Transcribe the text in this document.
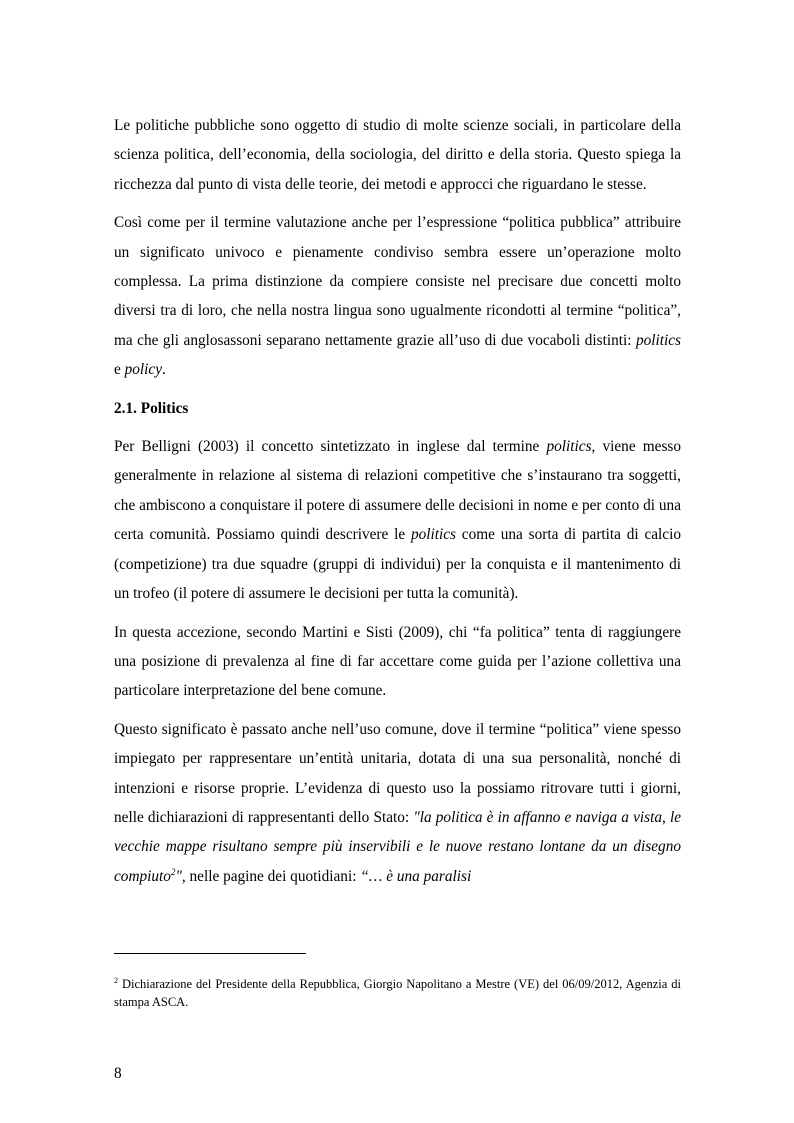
Le politiche pubbliche sono oggetto di studio di molte scienze sociali, in particolare della scienza politica, dell’economia, della sociologia, del diritto e della storia. Questo spiega la ricchezza dal punto di vista delle teorie, dei metodi e approcci che riguardano le stesse.

Così come per il termine valutazione anche per l’espressione “politica pubblica” attribuire un significato univoco e pienamente condiviso sembra essere un’operazione molto complessa. La prima distinzione da compiere consiste nel precisare due concetti molto diversi tra di loro, che nella nostra lingua sono ugualmente ricondotti al termine “politica”, ma che gli anglosassoni separano nettamente grazie all’uso di due vocaboli distinti: politics e policy.

2.1. Politics

Per Belligni (2003) il concetto sintetizzato in inglese dal termine politics, viene messo generalmente in relazione al sistema di relazioni competitive che s’instaurano tra soggetti, che ambiscono a conquistare il potere di assumere delle decisioni in nome e per conto di una certa comunità. Possiamo quindi descrivere le politics come una sorta di partita di calcio (competizione) tra due squadre (gruppi di individui) per la conquista e il mantenimento di un trofeo (il potere di assumere le decisioni per tutta la comunità).

In questa accezione, secondo Martini e Sisti (2009), chi “fa politica” tenta di raggiungere una posizione di prevalenza al fine di far accettare come guida per l’azione collettiva una particolare interpretazione del bene comune.

Questo significato è passato anche nell’uso comune, dove il termine “politica” viene spesso impiegato per rappresentare un’entità unitaria, dotata di una sua personalità, nonché di intenzioni e risorse proprie. L’evidenza di questo uso la possiamo ritrovare tutti i giorni, nelle dichiarazioni di rappresentanti dello Stato: "la politica è in affanno e naviga a vista, le vecchie mappe risultano sempre più inservibili e le nuove restano lontane da un disegno compiuto$^2$", nelle pagine dei quotidiani: “… è una paralisi

$^2$ Dichiarazione del Presidente della Repubblica, Giorgio Napolitano a Mestre (VE) del 06/09/2012, Agenzia di stampa ASCA.
8
